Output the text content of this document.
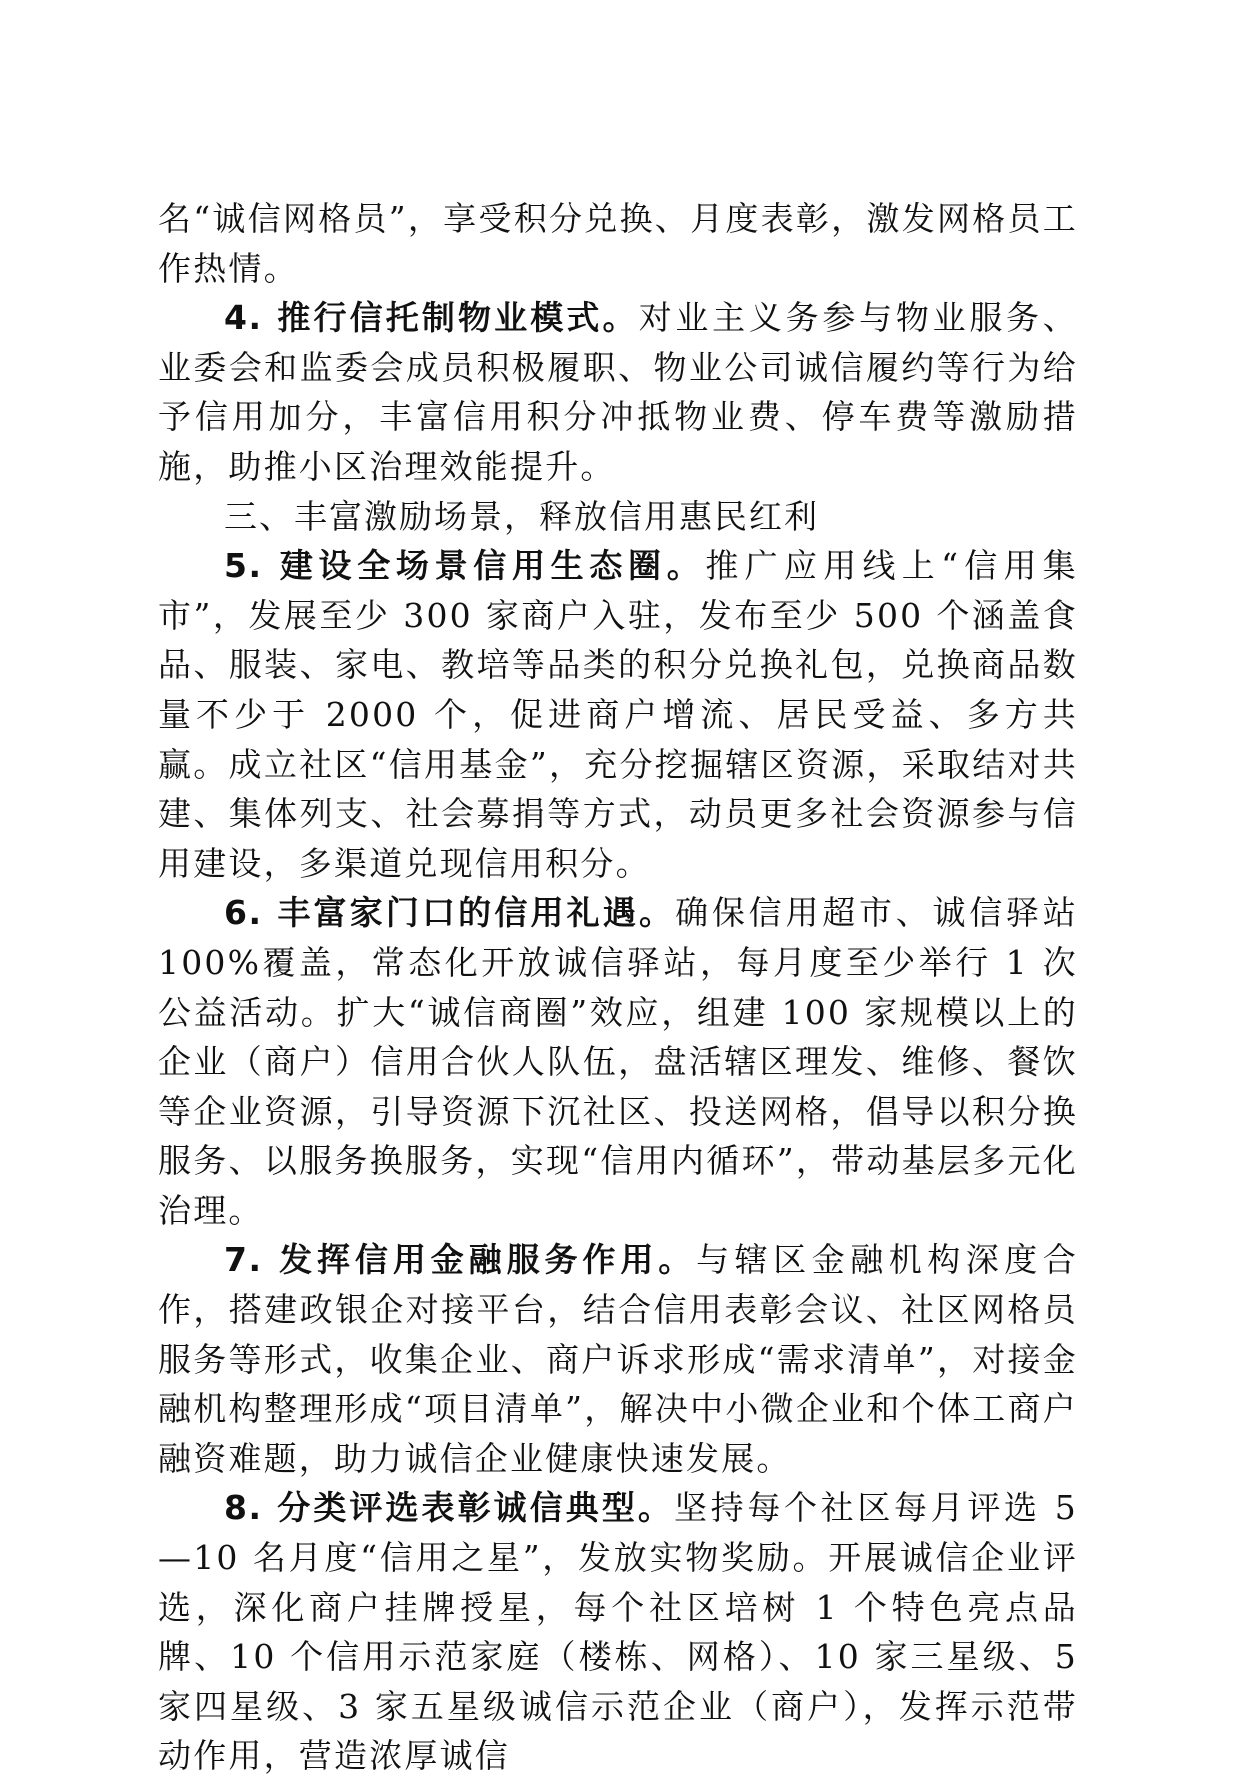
名“诚信网格员”，享受积分兑换、月度表彰，激发网格员工作热情。

4. 推行信托制物业模式。对业主义务参与物业服务、业委会和监委会成员积极履职、物业公司诚信履约等行为给予信用加分，丰富信用积分冲抵物业费、停车费等激励措施，助推小区治理效能提升。

三、丰富激励场景，释放信用惠民红利

5. 建设全场景信用生态圈。推广应用线上“信用集市”，发展至少 300 家商户入驻，发布至少 500 个涵盖食品、服装、家电、教培等品类的积分兑换礼包，兑换商品数量不少于 2000 个，促进商户增流、居民受益、多方共赢。成立社区“信用基金”，充分挖掘辖区资源，采取结对共建、集体列支、社会募捐等方式，动员更多社会资源参与信用建设，多渠道兑现信用积分。

6. 丰富家门口的信用礼遇。确保信用超市、诚信驿站 100%覆盖，常态化开放诚信驿站，每月度至少举行 1 次公益活动。扩大“诚信商圈”效应，组建 100 家规模以上的企业（商户）信用合伙人队伍，盘活辖区理发、维修、餐饮等企业资源，引导资源下沉社区、投送网格，倡导以积分换服务、以服务换服务，实现“信用内循环”，带动基层多元化治理。

7. 发挥信用金融服务作用。与辖区金融机构深度合作，搭建政银企对接平台，结合信用表彰会议、社区网格员服务等形式，收集企业、商户诉求形成“需求清单”，对接金融机构整理形成“项目清单”，解决中小微企业和个体工商户融资难题，助力诚信企业健康快速发展。

8. 分类评选表彰诚信典型。坚持每个社区每月评选 5—10 名月度“信用之星”，发放实物奖励。开展诚信企业评选，深化商户挂牌授星，每个社区培树 1 个特色亮点品牌、10 个信用示范家庭（楼栋、网格）、10 家三星级、5 家四星级、3 家五星级诚信示范企业（商户），发挥示范带动作用，营造浓厚诚信
